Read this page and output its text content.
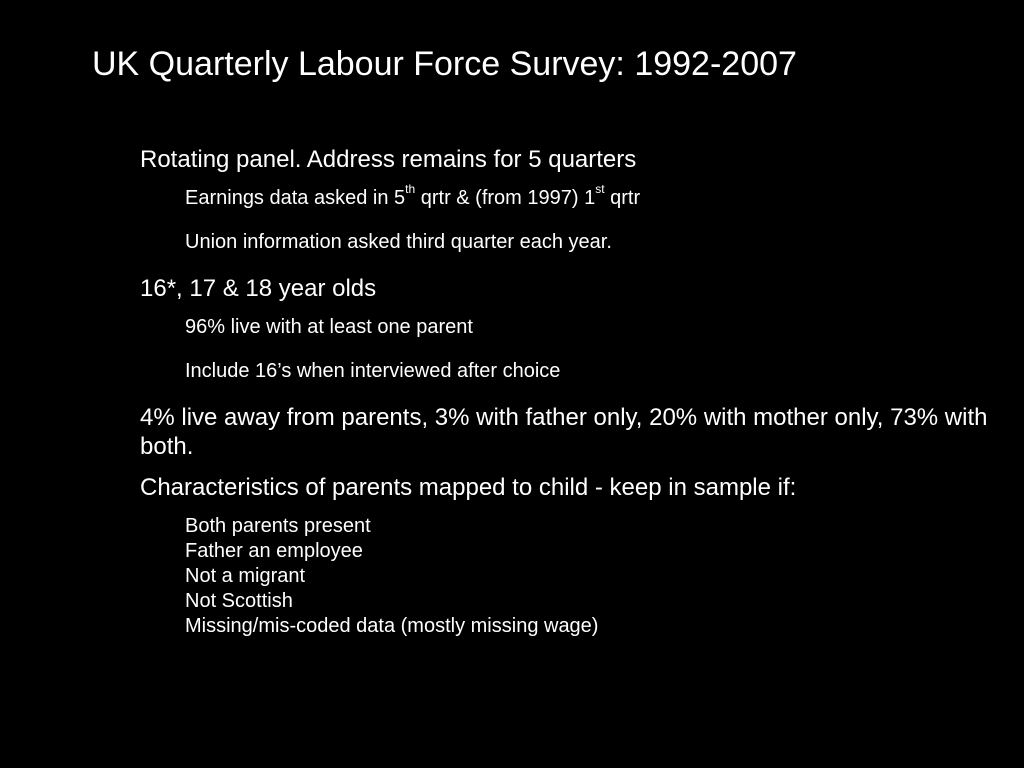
UK Quarterly Labour Force Survey: 1992-2007

Rotating panel. Address remains for 5 quarters

Earnings data asked in 5th qrtr & (from 1997) 1st qrtr

Union information asked third quarter each year.

16*, 17 & 18 year olds

96% live with at least one parent

Include 16’s when interviewed after choice

4% live away from parents, 3% with father only, 20% with mother only, 73% with both.

Characteristics of parents mapped to child - keep in sample if:

Both parents present
Father an employee
Not a migrant
Not Scottish
Missing/mis-coded data (mostly missing wage)
